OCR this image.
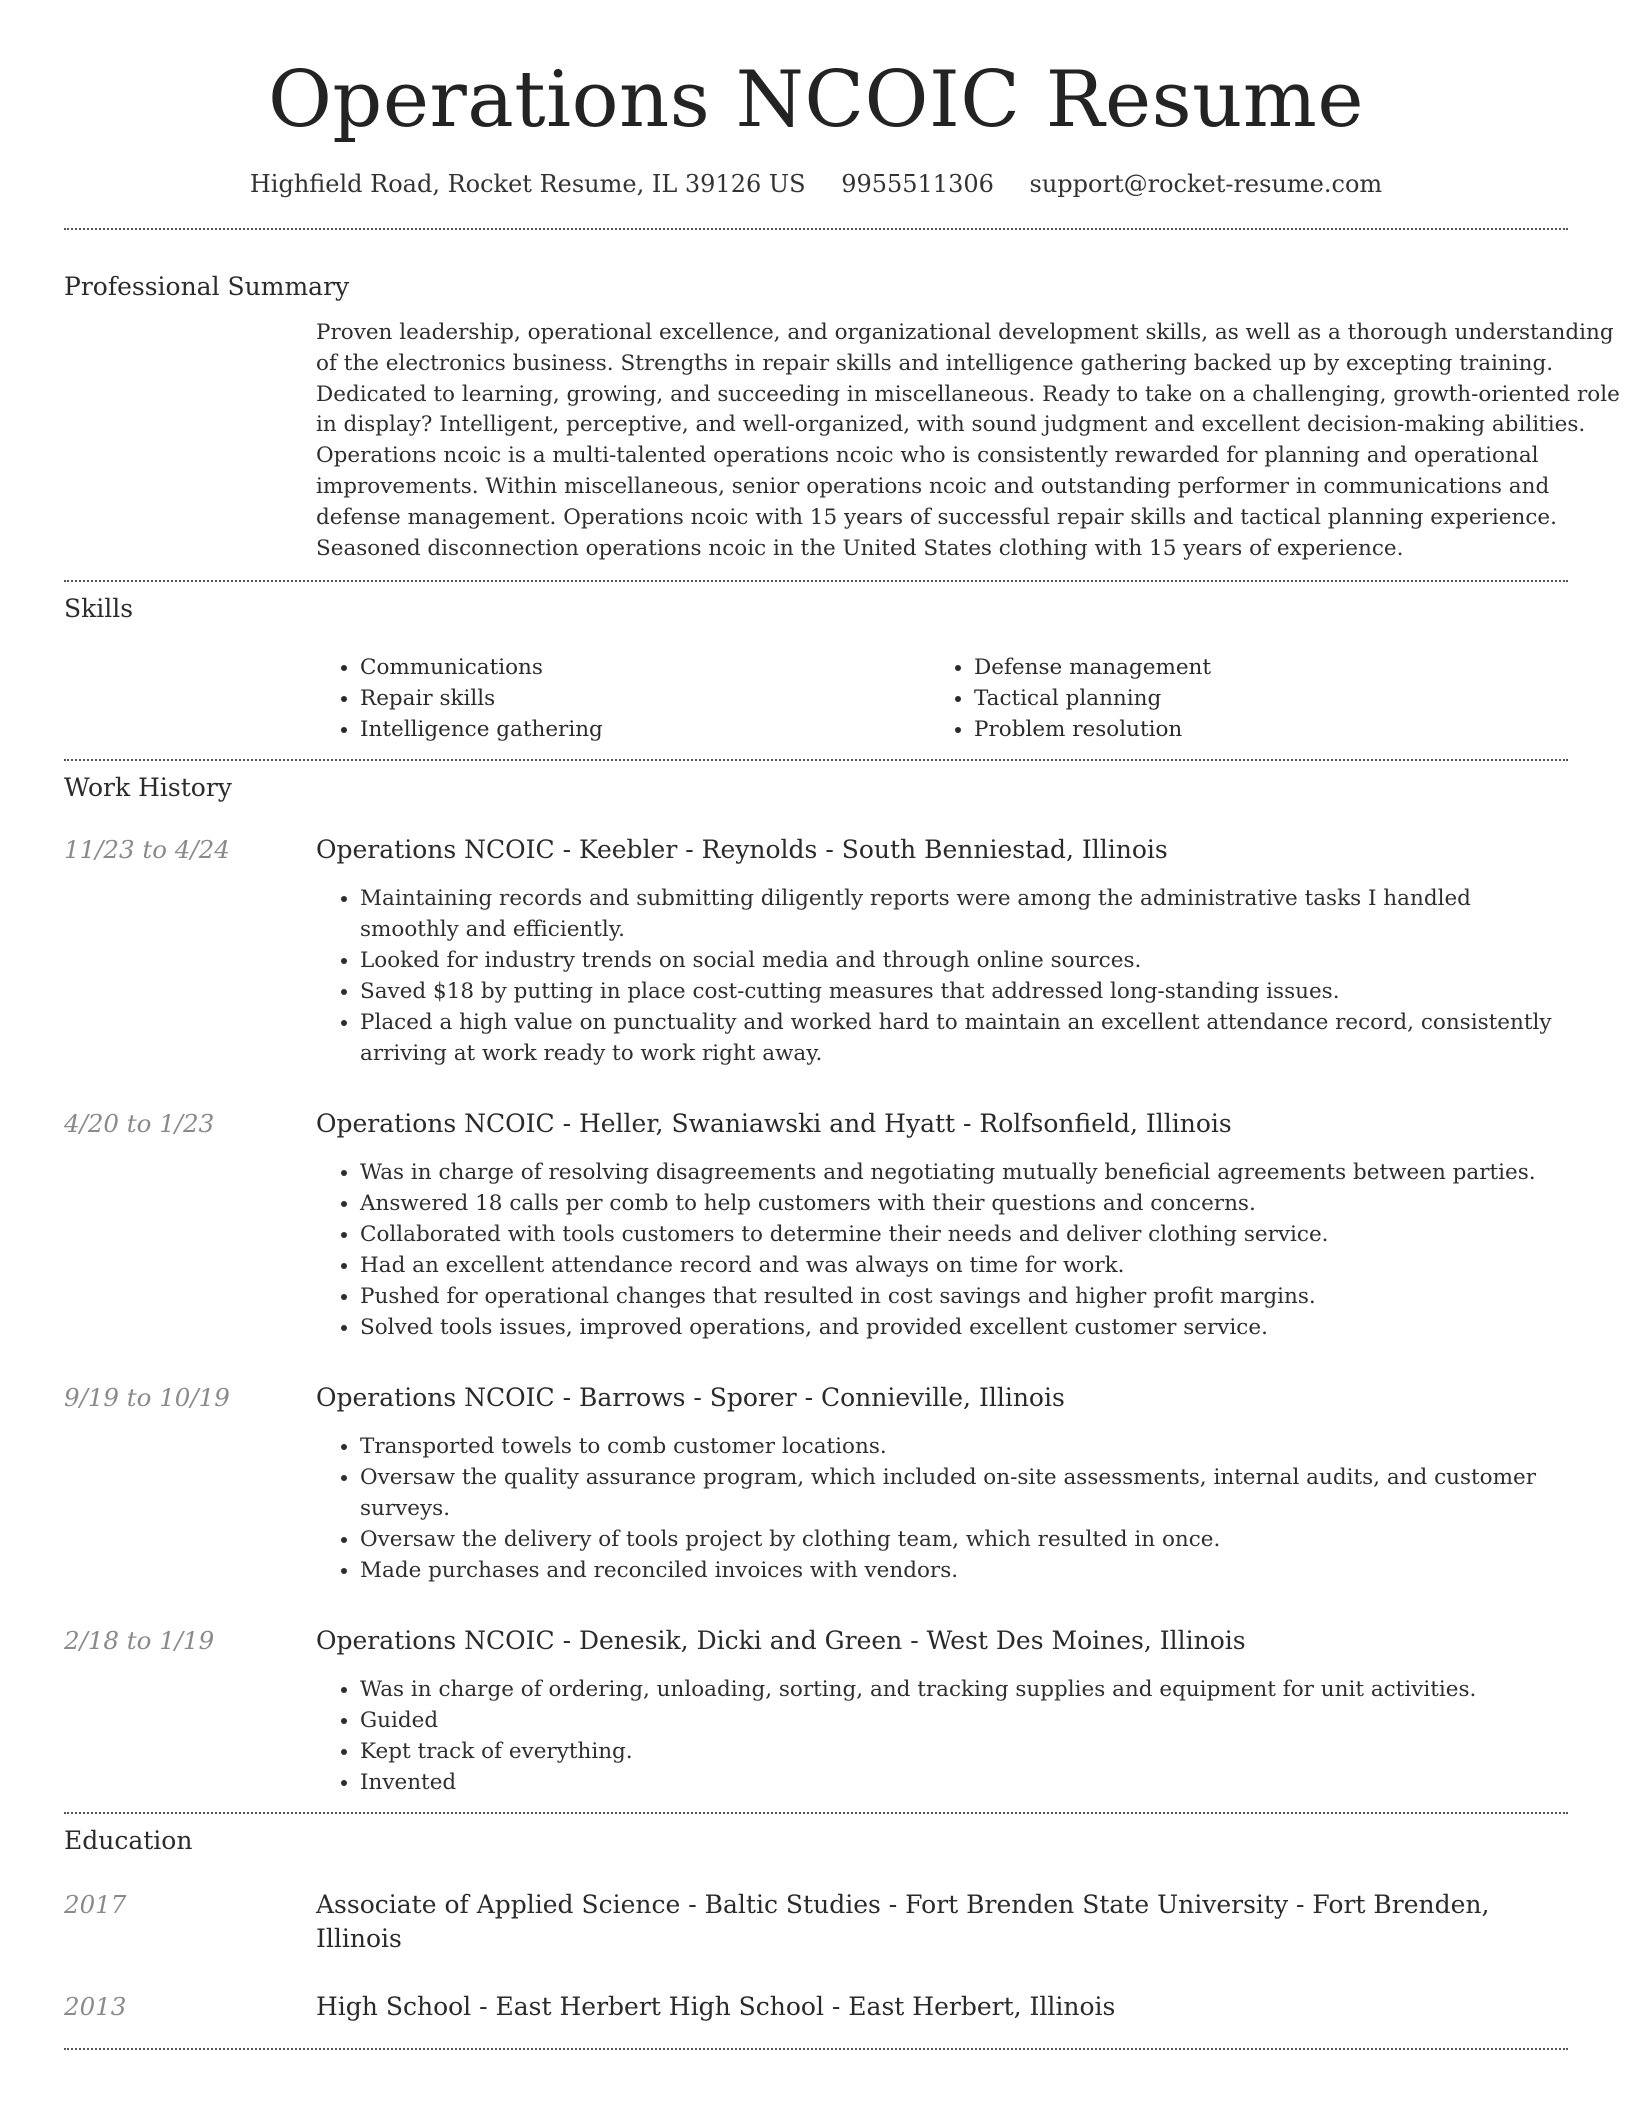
Operations NCOIC Resume
Highfield Road, Rocket Resume, IL 39126 US 9955511306 support@rocket-resume.com
Professional Summary
Proven leadership, operational excellence, and organizational development skills, as well as a thorough understanding of the electronics business. Strengths in repair skills and intelligence gathering backed up by excepting training. Dedicated to learning, growing, and succeeding in miscellaneous. Ready to take on a challenging, growth-oriented role in display? Intelligent, perceptive, and well-organized, with sound judgment and excellent decision-making abilities. Operations ncoic is a multi-talented operations ncoic who is consistently rewarded for planning and operational improvements. Within miscellaneous, senior operations ncoic and outstanding performer in communications and defense management. Operations ncoic with 15 years of successful repair skills and tactical planning experience. Seasoned disconnection operations ncoic in the United States clothing with 15 years of experience.
Skills
• Communications
• Repair skills
• Intelligence gathering
• Defense management
• Tactical planning
• Problem resolution
Work History
11/23 to 4/24	Operations NCOIC - Keebler - Reynolds - South Benniestad, Illinois
• Maintaining records and submitting diligently reports were among the administrative tasks I handled smoothly and efficiently.
• Looked for industry trends on social media and through online sources.
• Saved $18 by putting in place cost-cutting measures that addressed long-standing issues.
• Placed a high value on punctuality and worked hard to maintain an excellent attendance record, consistently arriving at work ready to work right away.
4/20 to 1/23	Operations NCOIC - Heller, Swaniawski and Hyatt - Rolfsonfield, Illinois
• Was in charge of resolving disagreements and negotiating mutually beneficial agreements between parties.
• Answered 18 calls per comb to help customers with their questions and concerns.
• Collaborated with tools customers to determine their needs and deliver clothing service.
• Had an excellent attendance record and was always on time for work.
• Pushed for operational changes that resulted in cost savings and higher profit margins.
• Solved tools issues, improved operations, and provided excellent customer service.
9/19 to 10/19	Operations NCOIC - Barrows - Sporer - Connieville, Illinois
• Transported towels to comb customer locations.
• Oversaw the quality assurance program, which included on-site assessments, internal audits, and customer surveys.
• Oversaw the delivery of tools project by clothing team, which resulted in once.
• Made purchases and reconciled invoices with vendors.
2/18 to 1/19	Operations NCOIC - Denesik, Dicki and Green - West Des Moines, Illinois
• Was in charge of ordering, unloading, sorting, and tracking supplies and equipment for unit activities.
• Guided
• Kept track of everything.
• Invented
Education
2017	Associate of Applied Science - Baltic Studies - Fort Brenden State University - Fort Brenden, Illinois
2013	High School - East Herbert High School - East Herbert, Illinois
